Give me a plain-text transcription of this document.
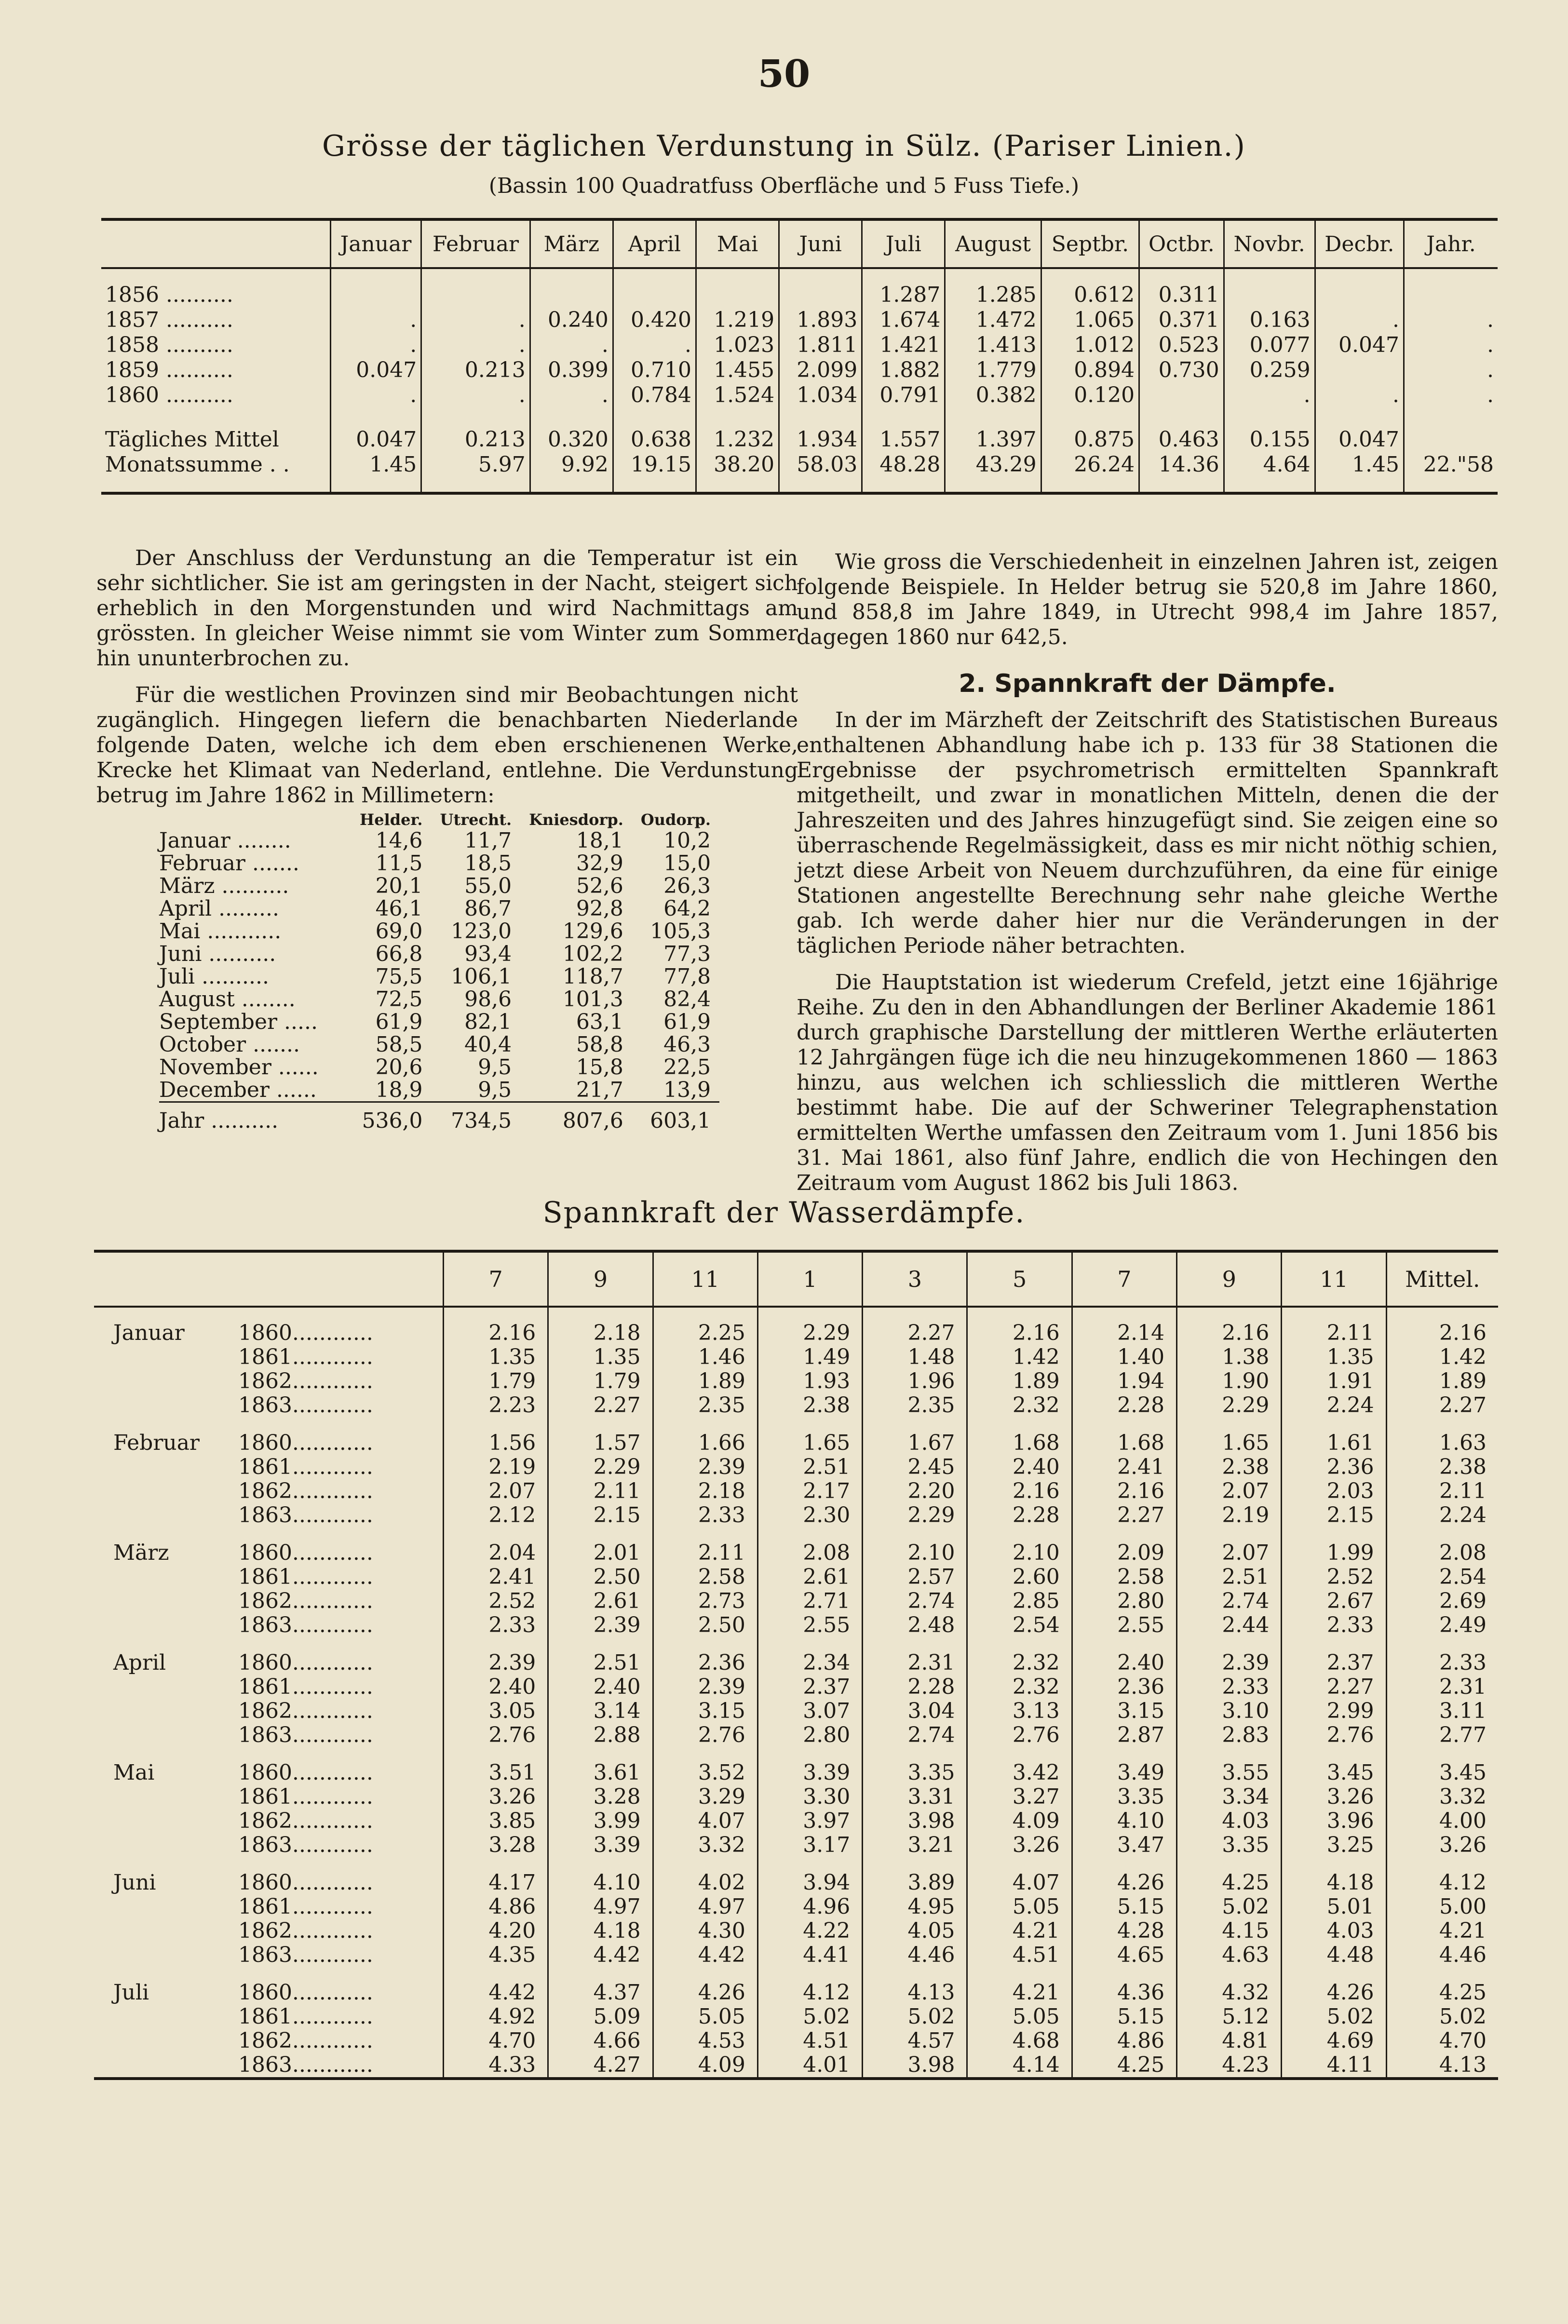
50
Grösse der täglichen Verdunstung in Sülz. (Pariser Linien.)
(Bassin 100 Quadratfuss Oberfläche und 5 Fuss Tiefe.)
	Januar	Februar	März	April	Mai	Juni	Juli	August	Septbr.	Octbr.	Novbr.	Decbr.	Jahr.
1856 ..........							1.287	1.285	0.612	0.311			
1857 ..........	.	.	0.240	0.420	1.219	1.893	1.674	1.472	1.065	0.371	0.163	.	.
1858 ..........	.	.	.	.	1.023	1.811	1.421	1.413	1.012	0.523	0.077	0.047	.
1859 ..........	0.047	0.213	0.399	0.710	1.455	2.099	1.882	1.779	0.894	0.730	0.259		.
1860 ..........	.	.	.	0.784	1.524	1.034	0.791	0.382	0.120		.	.	.

Tägliches Mittel	0.047	0.213	0.320	0.638	1.232	1.934	1.557	1.397	0.875	0.463	0.155	0.047	
Monatssumme . .	1.45	5.97	9.92	19.15	38.20	58.03	48.28	43.29	26.24	14.36	4.64	1.45	22."58

Der Anschluss der Verdunstung an die Temperatur ist ein sehr sichtlicher. Sie ist am geringsten in der Nacht, steigert sich erheblich in den Morgenstunden und wird Nachmittags am grössten. In gleicher Weise nimmt sie vom Winter zum Sommer hin ununterbrochen zu.

Für die westlichen Provinzen sind mir Beobachtungen nicht zugänglich. Hingegen liefern die benachbarten Niederlande folgende Daten, welche ich dem eben erschienenen Werke, Krecke het Klimaat van Nederland, entlehne. Die Verdunstung betrug im Jahre 1862 in Millimetern:

	Helder.	Utrecht.	Kniesdorp.	Oudorp.
Januar ........	14,6	11,7	18,1	10,2
Februar .......	11,5	18,5	32,9	15,0
März ..........	20,1	55,0	52,6	26,3
April .........	46,1	86,7	92,8	64,2
Mai ...........	69,0	123,0	129,6	105,3
Juni ..........	66,8	93,4	102,2	77,3
Juli ..........	75,5	106,1	118,7	77,8
August ........	72,5	98,6	101,3	82,4
September .....	61,9	82,1	63,1	61,9
October .......	58,5	40,4	58,8	46,3
November ......	20,6	9,5	15,8	22,5
December ......	18,9	9,5	21,7	13,9
Jahr ..........	536,0	734,5	807,6	603,1

Wie gross die Verschiedenheit in einzelnen Jahren ist, zeigen folgende Beispiele. In Helder betrug sie 520,8 im Jahre 1860, und 858,8 im Jahre 1849, in Utrecht 998,4 im Jahre 1857, dagegen 1860 nur 642,5.

2. Spannkraft der Dämpfe.

In der im Märzheft der Zeitschrift des Statistischen Bureaus enthaltenen Abhandlung habe ich p. 133 für 38 Stationen die Ergebnisse der psychrometrisch ermittelten Spannkraft mitgetheilt, und zwar in monatlichen Mitteln, denen die der Jahreszeiten und des Jahres hinzugefügt sind. Sie zeigen eine so überraschende Regelmässigkeit, dass es mir nicht nöthig schien, jetzt diese Arbeit von Neuem durchzuführen, da eine für einige Stationen angestellte Berechnung sehr nahe gleiche Werthe gab. Ich werde daher hier nur die Veränderungen in der täglichen Periode näher betrachten.

Die Hauptstation ist wiederum Crefeld, jetzt eine 16jährige Reihe. Zu den in den Abhandlungen der Berliner Akademie 1861 durch graphische Darstellung der mittleren Werthe erläuterten 12 Jahrgängen füge ich die neu hinzugekommenen 1860 — 1863 hinzu, aus welchen ich schliesslich die mittleren Werthe bestimmt habe. Die auf der Schweriner Telegraphenstation ermittelten Werthe umfassen den Zeitraum vom 1. Juni 1856 bis 31. Mai 1861, also fünf Jahre, endlich die von Hechingen den Zeitraum vom August 1862 bis Juli 1863.

Spannkraft der Wasserdämpfe.
		7	9	11	1	3	5	7	9	11	Mittel.
Januar	1860............	2.16	2.18	2.25	2.29	2.27	2.16	2.14	2.16	2.11	2.16
	1861............	1.35	1.35	1.46	1.49	1.48	1.42	1.40	1.38	1.35	1.42
	1862............	1.79	1.79	1.89	1.93	1.96	1.89	1.94	1.90	1.91	1.89
	1863............	2.23	2.27	2.35	2.38	2.35	2.32	2.28	2.29	2.24	2.27
Februar	1860............	1.56	1.57	1.66	1.65	1.67	1.68	1.68	1.65	1.61	1.63
	1861............	2.19	2.29	2.39	2.51	2.45	2.40	2.41	2.38	2.36	2.38
	1862............	2.07	2.11	2.18	2.17	2.20	2.16	2.16	2.07	2.03	2.11
	1863............	2.12	2.15	2.33	2.30	2.29	2.28	2.27	2.19	2.15	2.24
März	1860............	2.04	2.01	2.11	2.08	2.10	2.10	2.09	2.07	1.99	2.08
	1861............	2.41	2.50	2.58	2.61	2.57	2.60	2.58	2.51	2.52	2.54
	1862............	2.52	2.61	2.73	2.71	2.74	2.85	2.80	2.74	2.67	2.69
	1863............	2.33	2.39	2.50	2.55	2.48	2.54	2.55	2.44	2.33	2.49
April	1860............	2.39	2.51	2.36	2.34	2.31	2.32	2.40	2.39	2.37	2.33
	1861............	2.40	2.40	2.39	2.37	2.28	2.32	2.36	2.33	2.27	2.31
	1862............	3.05	3.14	3.15	3.07	3.04	3.13	3.15	3.10	2.99	3.11
	1863............	2.76	2.88	2.76	2.80	2.74	2.76	2.87	2.83	2.76	2.77
Mai	1860............	3.51	3.61	3.52	3.39	3.35	3.42	3.49	3.55	3.45	3.45
	1861............	3.26	3.28	3.29	3.30	3.31	3.27	3.35	3.34	3.26	3.32
	1862............	3.85	3.99	4.07	3.97	3.98	4.09	4.10	4.03	3.96	4.00
	1863............	3.28	3.39	3.32	3.17	3.21	3.26	3.47	3.35	3.25	3.26
Juni	1860............	4.17	4.10	4.02	3.94	3.89	4.07	4.26	4.25	4.18	4.12
	1861............	4.86	4.97	4.97	4.96	4.95	5.05	5.15	5.02	5.01	5.00
	1862............	4.20	4.18	4.30	4.22	4.05	4.21	4.28	4.15	4.03	4.21
	1863............	4.35	4.42	4.42	4.41	4.46	4.51	4.65	4.63	4.48	4.46
Juli	1860............	4.42	4.37	4.26	4.12	4.13	4.21	4.36	4.32	4.26	4.25
	1861............	4.92	5.09	5.05	5.02	5.02	5.05	5.15	5.12	5.02	5.02
	1862............	4.70	4.66	4.53	4.51	4.57	4.68	4.86	4.81	4.69	4.70
	1863............	4.33	4.27	4.09	4.01	3.98	4.14	4.25	4.23	4.11	4.13
